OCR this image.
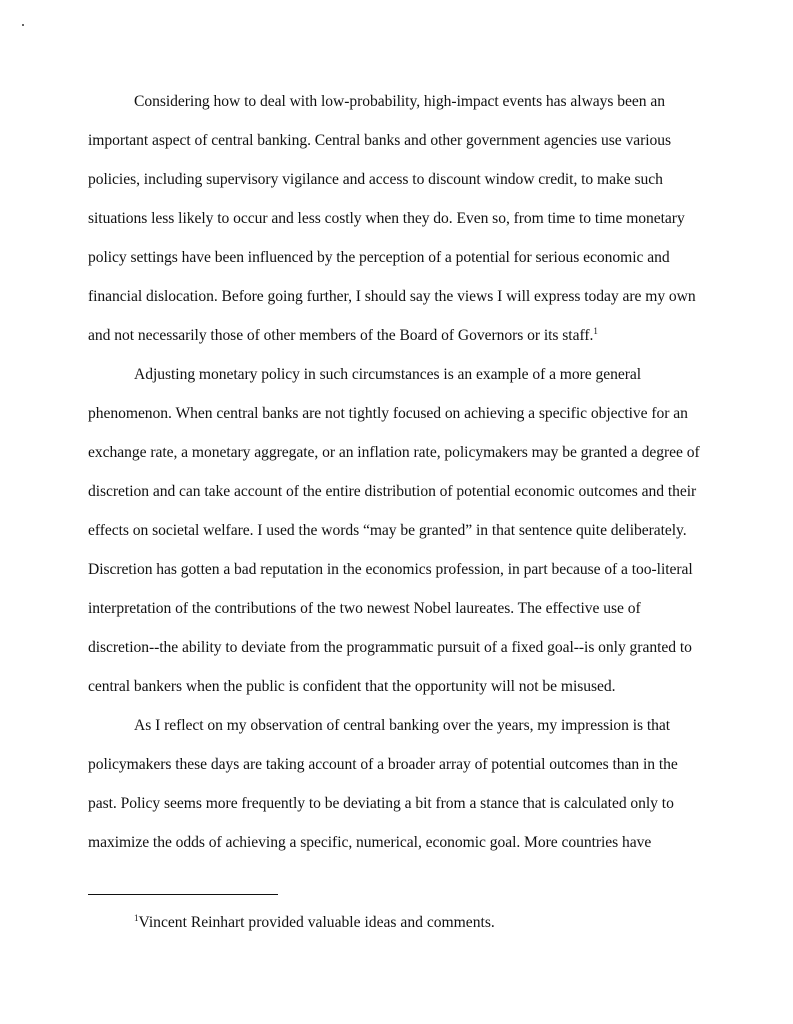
Considering how to deal with low-probability, high-impact events has always been an
important aspect of central banking. Central banks and other government agencies use various
policies, including supervisory vigilance and access to discount window credit, to make such
situations less likely to occur and less costly when they do. Even so, from time to time monetary
policy settings have been influenced by the perception of a potential for serious economic and
financial dislocation. Before going further, I should say the views I will express today are my own
and not necessarily those of other members of the Board of Governors or its staff.$^1$
Adjusting monetary policy in such circumstances is an example of a more general
phenomenon. When central banks are not tightly focused on achieving a specific objective for an
exchange rate, a monetary aggregate, or an inflation rate, policymakers may be granted a degree of
discretion and can take account of the entire distribution of potential economic outcomes and their
effects on societal welfare. I used the words “may be granted” in that sentence quite deliberately.
Discretion has gotten a bad reputation in the economics profession, in part because of a too-literal
interpretation of the contributions of the two newest Nobel laureates. The effective use of
discretion--the ability to deviate from the programmatic pursuit of a fixed goal--is only granted to
central bankers when the public is confident that the opportunity will not be misused.
As I reflect on my observation of central banking over the years, my impression is that
policymakers these days are taking account of a broader array of potential outcomes than in the
past. Policy seems more frequently to be deviating a bit from a stance that is calculated only to
maximize the odds of achieving a specific, numerical, economic goal. More countries have
$^1$Vincent Reinhart provided valuable ideas and comments.
